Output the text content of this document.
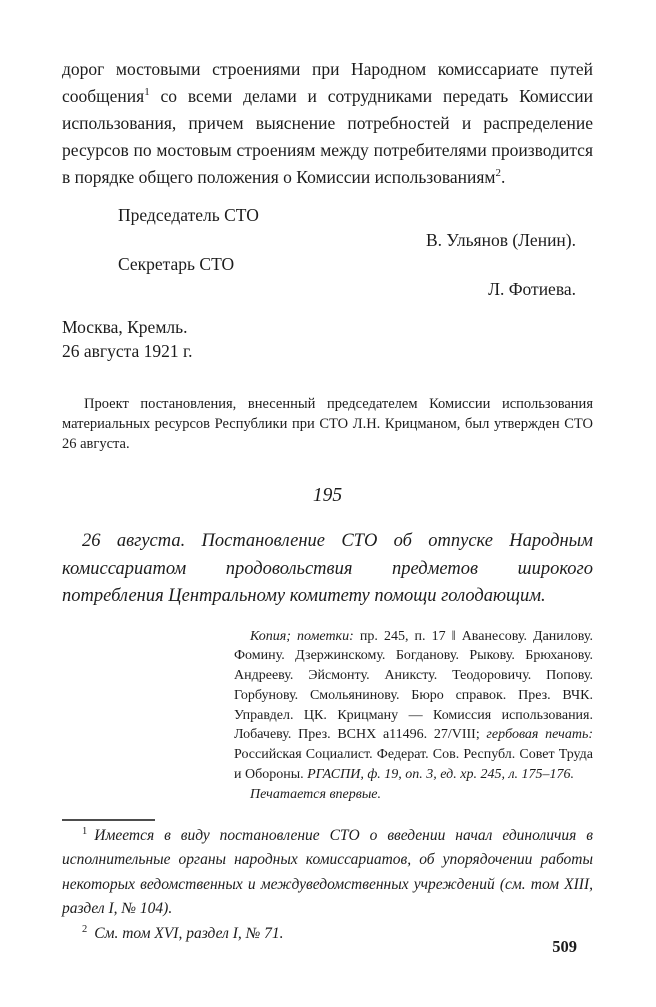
дорог мостовыми строениями при Народном комиссариате путей сообщения$^1$ со всеми делами и сотрудниками передать Комиссии использования, причем выяснение потребностей и распределение ресурсов по мостовым строениям между потребителями производится в порядке общего положения о Комиссии использованиям$^2$.

Председатель СТО
В. Ульянов (Ленин).
Секретарь СТО
Л. Фотиева.
Москва, Кремль.
26 августа 1921 г.

Проект постановления, внесенный председателем Комиссии использования материальных ресурсов Республики при СТО Л.Н. Крицманом, был утвержден СТО 26 августа.

195

26 августа. Постановление СТО об отпуске Народным комиссариатом продовольствия предметов широкого потребления Центральному комитету помощи голодающим.

Копия; пометки: пр. 245, п. 17 ‖ Аванесову. Данилову. Фомину. Дзержинскому. Богданову. Рыкову. Брюханову. Андрееву. Эйсмонту. Аниксту. Теодоровичу. Попову. Горбунову. Смольянинову. Бюро справок. През. ВЧК. Управдел. ЦК. Крицману — Комиссия использования. Лобачеву. През. ВСНХ а11496. 27/VIII; гербовая печать: Российская Социалист. Федерат. Сов. Республ. Совет Труда и Обороны. РГАСПИ, ф. 19, оп. 3, ед. хр. 245, л. 175–176.

Печатается впервые.

$^1$ Имеется в виду постановление СТО о введении начал единоличия в исполнительные органы народных комиссариатов, об упорядочении работы некоторых ведомственных и междуведомственных учреждений (см. том XIII, раздел I, № 104).

$^2$ См. том XVI, раздел I, № 71.

509
